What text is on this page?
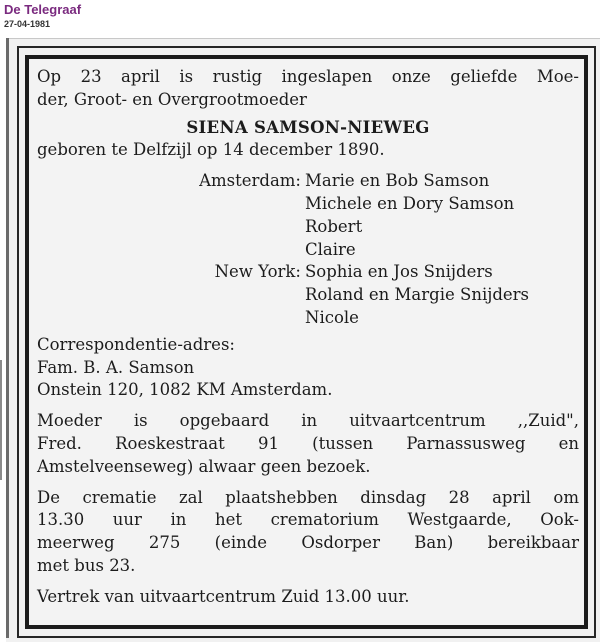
De Telegraaf
27-04-1981
Op 23 april is rustig ingeslapen onze geliefde Moe-
der, Groot- en Overgrootmoeder
SIENA SAMSON-NIEWEG
geboren te Delfzijl op 14 december 1890.
Amsterdam: Marie en Bob Samson
Michele en Dory Samson
Robert
Claire
New York: Sophia en Jos Snijders
Roland en Margie Snijders
Nicole
Correspondentie-adres:
Fam. B. A. Samson
Onstein 120, 1082 KM Amsterdam.
Moeder is opgebaard in uitvaartcentrum ,,Zuid",
Fred. Roeskestraat 91 (tussen Parnassusweg en
Amstelveenseweg) alwaar geen bezoek.
De crematie zal plaatshebben dinsdag 28 april om
13.30 uur in het crematorium Westgaarde, Ook-
meerweg 275 (einde Osdorper Ban) bereikbaar
met bus 23.
Vertrek van uitvaartcentrum Zuid 13.00 uur.
